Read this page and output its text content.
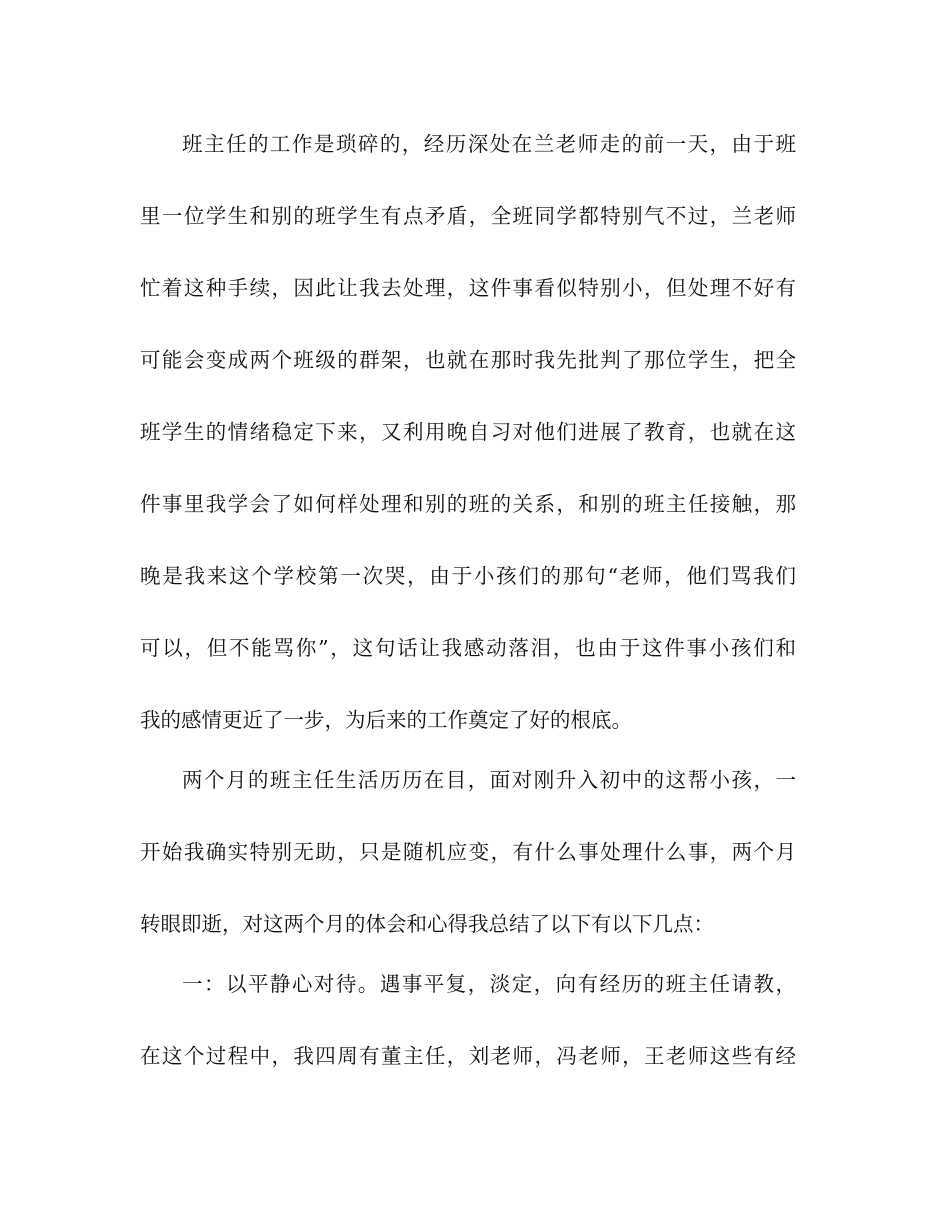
班主任的工作是琐碎的，经历深处在兰老师走的前一天，由于班
里一位学生和别的班学生有点矛盾，全班同学都特别气不过，兰老师
忙着这种手续，因此让我去处理，这件事看似特别小，但处理不好有
可能会变成两个班级的群架，也就在那时我先批判了那位学生，把全
班学生的情绪稳定下来，又利用晚自习对他们进展了教育，也就在这
件事里我学会了如何样处理和别的班的关系，和别的班主任接触，那
晚是我来这个学校第一次哭，由于小孩们的那句“老师，他们骂我们
可以，但不能骂你”，这句话让我感动落泪，也由于这件事小孩们和
我的感情更近了一步，为后来的工作奠定了好的根底。
两个月的班主任生活历历在目，面对刚升入初中的这帮小孩，一
开始我确实特别无助，只是随机应变，有什么事处理什么事，两个月
转眼即逝，对这两个月的体会和心得我总结了以下有以下几点：
一：以平静心对待。遇事平复，淡定，向有经历的班主任请教，
在这个过程中，我四周有董主任，刘老师，冯老师，王老师这些有经
